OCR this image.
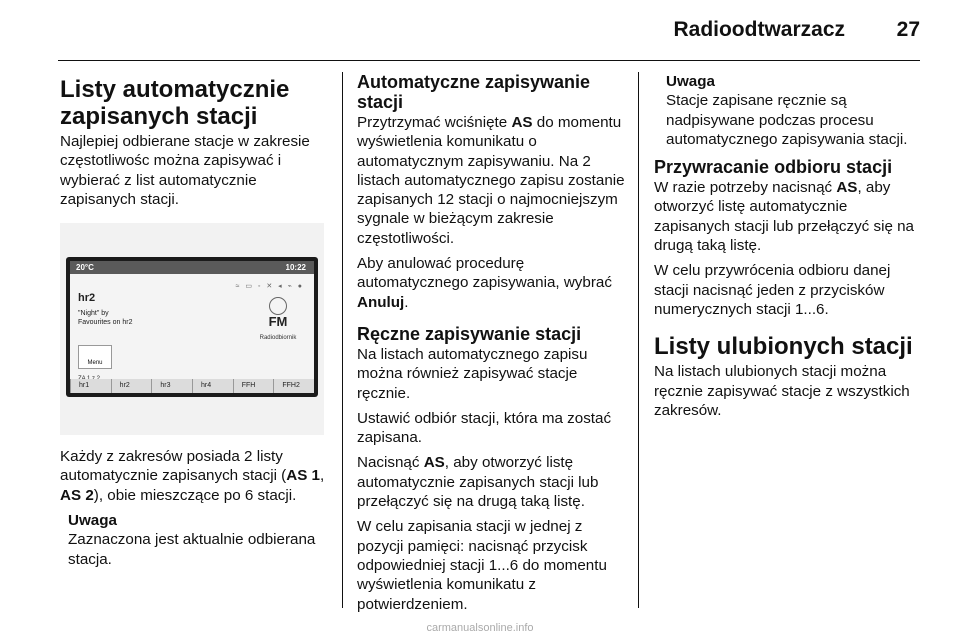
Radioodtwarzacz 27
Listy automatycznie zapisanych stacji

Najlepiej odbierane stacje w zakresie częstotliwośc można zapisywać i wybierać z list automatycznie zapisanych stacji.

20°C	10:22
≈ ▭ ◦ ✕ ◂ ⌁ ●
hr2
"Night" by
Favourites on hr2	FM
Radiodbiornik
Menu
hr1	hr2	hr3	hr4	FFH	FFH2

Każdy z zakresów posiada 2 listy automatycznie zapisanych stacji (AS 1, AS 2), obie mieszczące po 6 stacji.

Uwaga
Zaznaczona jest aktualnie odbierana stacja.
Automatyczne zapisywanie stacji

Przytrzymać wciśnięte AS do momentu wyświetlenia komunikatu o automatycznym zapisywaniu. Na 2 listach automatycznego zapisu zostanie zapisanych 12 stacji o najmocniejszym sygnale w bieżącym zakresie częstotliwości.

Aby anulować procedurę automatycznego zapisywania, wybrać Anuluj.

Ręczne zapisywanie stacji

Na listach automatycznego zapisu można również zapisywać stacje ręcznie.

Ustawić odbiór stacji, która ma zostać zapisana.

Nacisnąć AS, aby otworzyć listę automatycznie zapisanych stacji lub przełączyć się na drugą taką listę.

W celu zapisania stacji w jednej z pozycji pamięci: nacisnąć przycisk odpowiedniej stacji 1...6 do momentu wyświetlenia komunikatu z potwierdzeniem.

Uwaga
Stacje zapisane ręcznie są nadpisywane podczas procesu automatycznego zapisywania stacji.
Przywracanie odbioru stacji

W razie potrzeby nacisnąć AS, aby otworzyć listę automatycznie zapisanych stacji lub przełączyć się na drugą taką listę.

W celu przywrócenia odbioru danej stacji nacisnąć jeden z przycisków numerycznych stacji 1...6.

Listy ulubionych stacji

Na listach ulubionych stacji można ręcznie zapisywać stacje z wszystkich zakresów.

carmanualsonline.info
